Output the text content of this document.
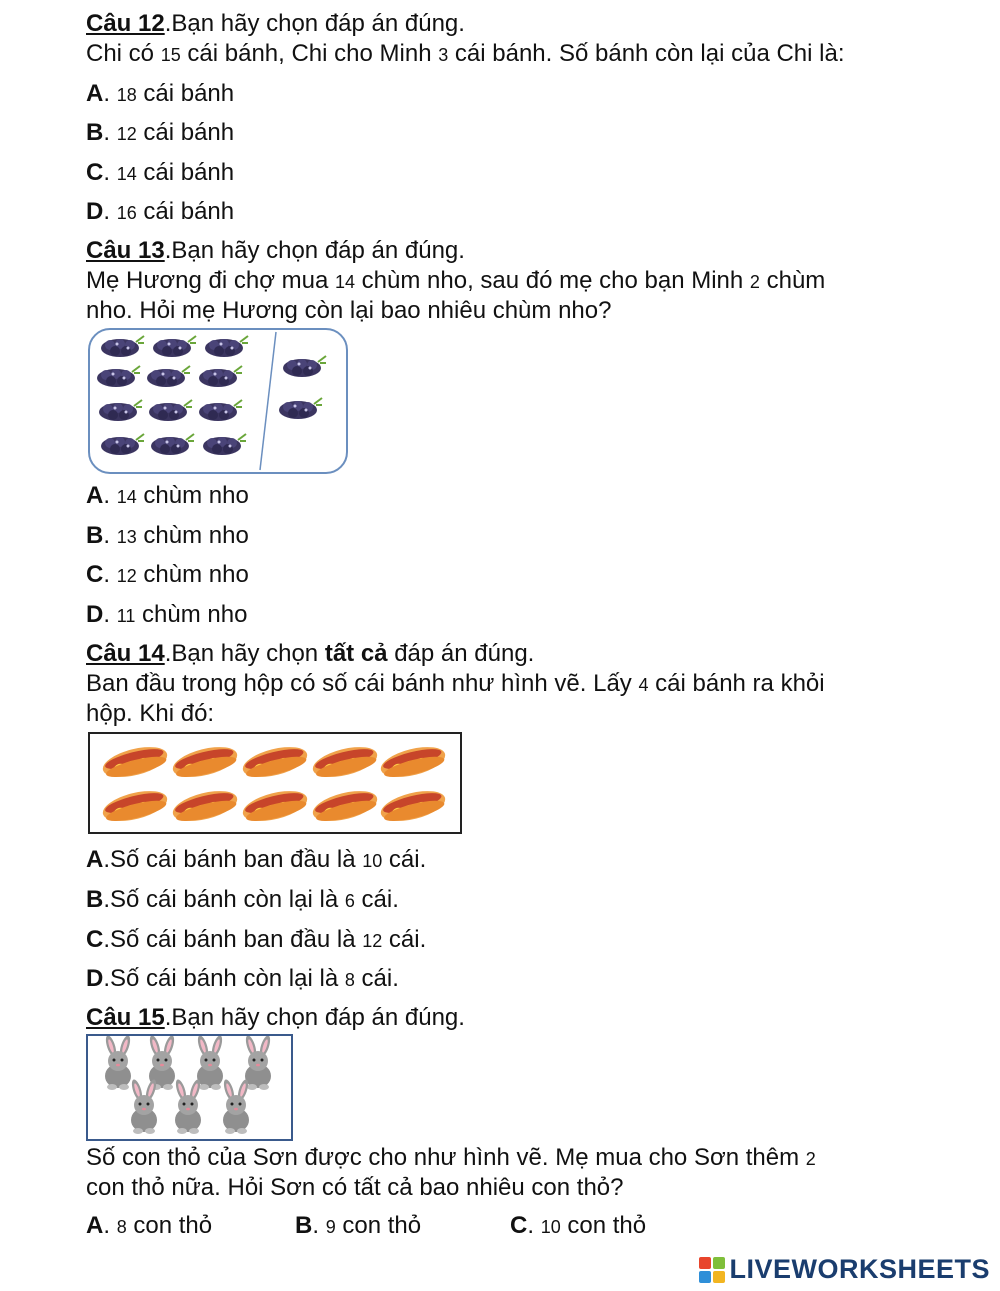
Câu 12.Bạn hãy chọn đáp án đúng.
Chi có 15 cái bánh, Chi cho Minh 3 cái bánh. Số bánh còn lại của Chi là:
A. 18 cái bánh
B. 12 cái bánh
C. 14 cái bánh
D. 16 cái bánh
Câu 13.Bạn hãy chọn đáp án đúng.
Mẹ Hương đi chợ mua 14 chùm nho, sau đó mẹ cho bạn Minh 2 chùm
nho. Hỏi mẹ Hương còn lại bao nhiêu chùm nho?
A. 14 chùm nho
B. 13 chùm nho
C. 12 chùm nho
D. 11 chùm nho
Câu 14.Bạn hãy chọn tất cả đáp án đúng.
Ban đầu trong hộp có số cái bánh như hình vẽ. Lấy 4 cái bánh ra khỏi
hộp. Khi đó:
A.Số cái bánh ban đầu là 10 cái.
B.Số cái bánh còn lại là 6 cái.
C.Số cái bánh ban đầu là 12 cái.
D.Số cái bánh còn lại là 8 cái.
Câu 15.Bạn hãy chọn đáp án đúng.
Số con thỏ của Sơn được cho như hình vẽ. Mẹ mua cho Sơn thêm 2
con thỏ nữa. Hỏi Sơn có tất cả bao nhiêu con thỏ?
A. 8 con thỏ	B. 9 con thỏ	C. 10 con thỏ
LIVEWORKSHEETS
